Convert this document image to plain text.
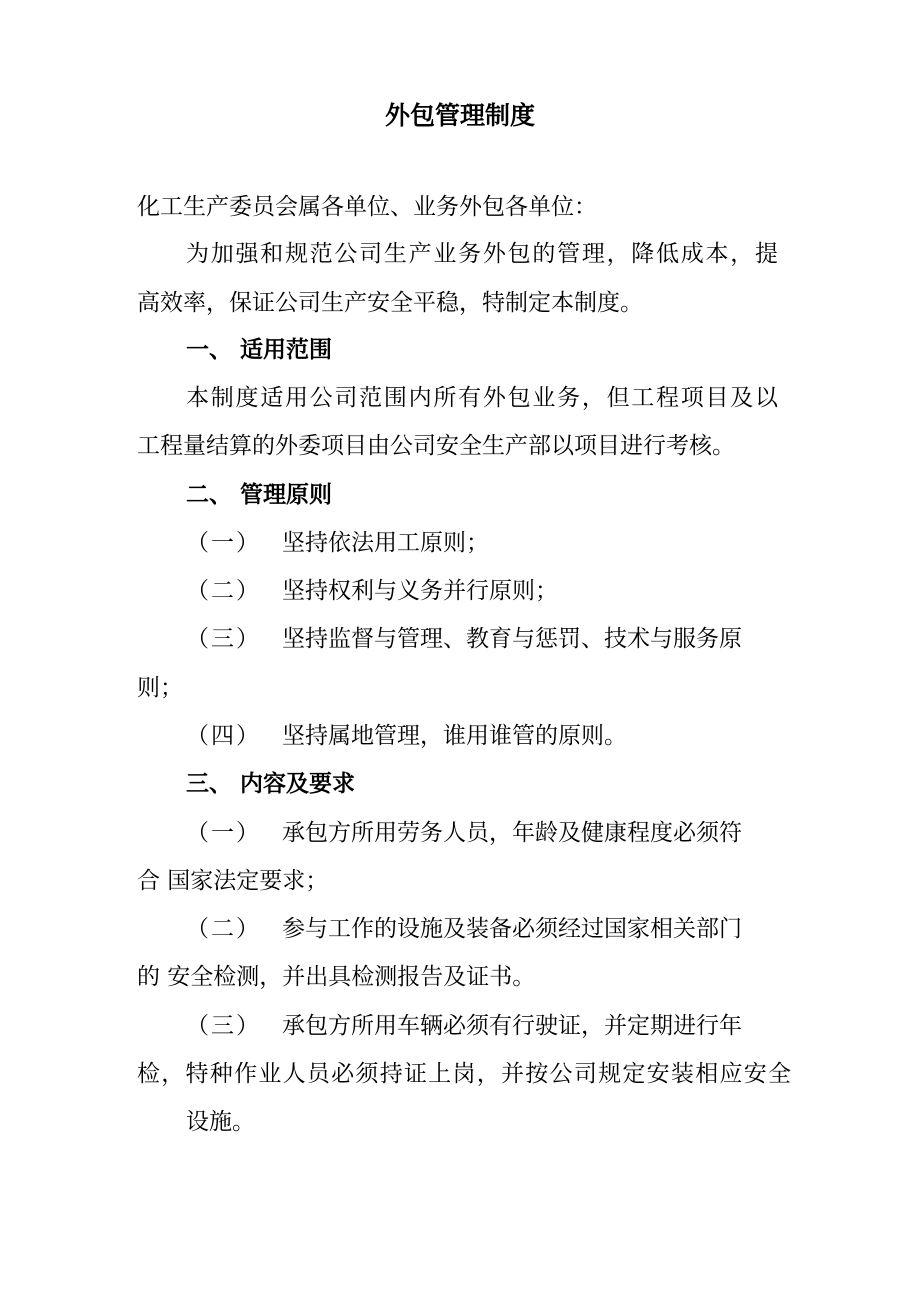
外包管理制度
化工生产委员会属各单位、业务外包各单位：
为加强和规范公司生产业务外包的管理，降低成本，提
高效率，保证公司生产安全平稳，特制定本制度。
一、 适用范围
本制度适用公司范围内所有外包业务，但工程项目及以
工程量结算的外委项目由公司安全生产部以项目进行考核。
二、 管理原则
（一） 坚持依法用工原则；
（二） 坚持权利与义务并行原则；
（三） 坚持监督与管理、教育与惩罚、技术与服务原
则；
（四） 坚持属地管理，谁用谁管的原则。
三、 内容及要求
（一） 承包方所用劳务人员，年龄及健康程度必须符
合 国家法定要求；
（二） 参与工作的设施及装备必须经过国家相关部门
的 安全检测，并出具检测报告及证书。
（三） 承包方所用车辆必须有行驶证，并定期进行年
检，特种作业人员必须持证上岗，并按公司规定安装相应安全
设施。
